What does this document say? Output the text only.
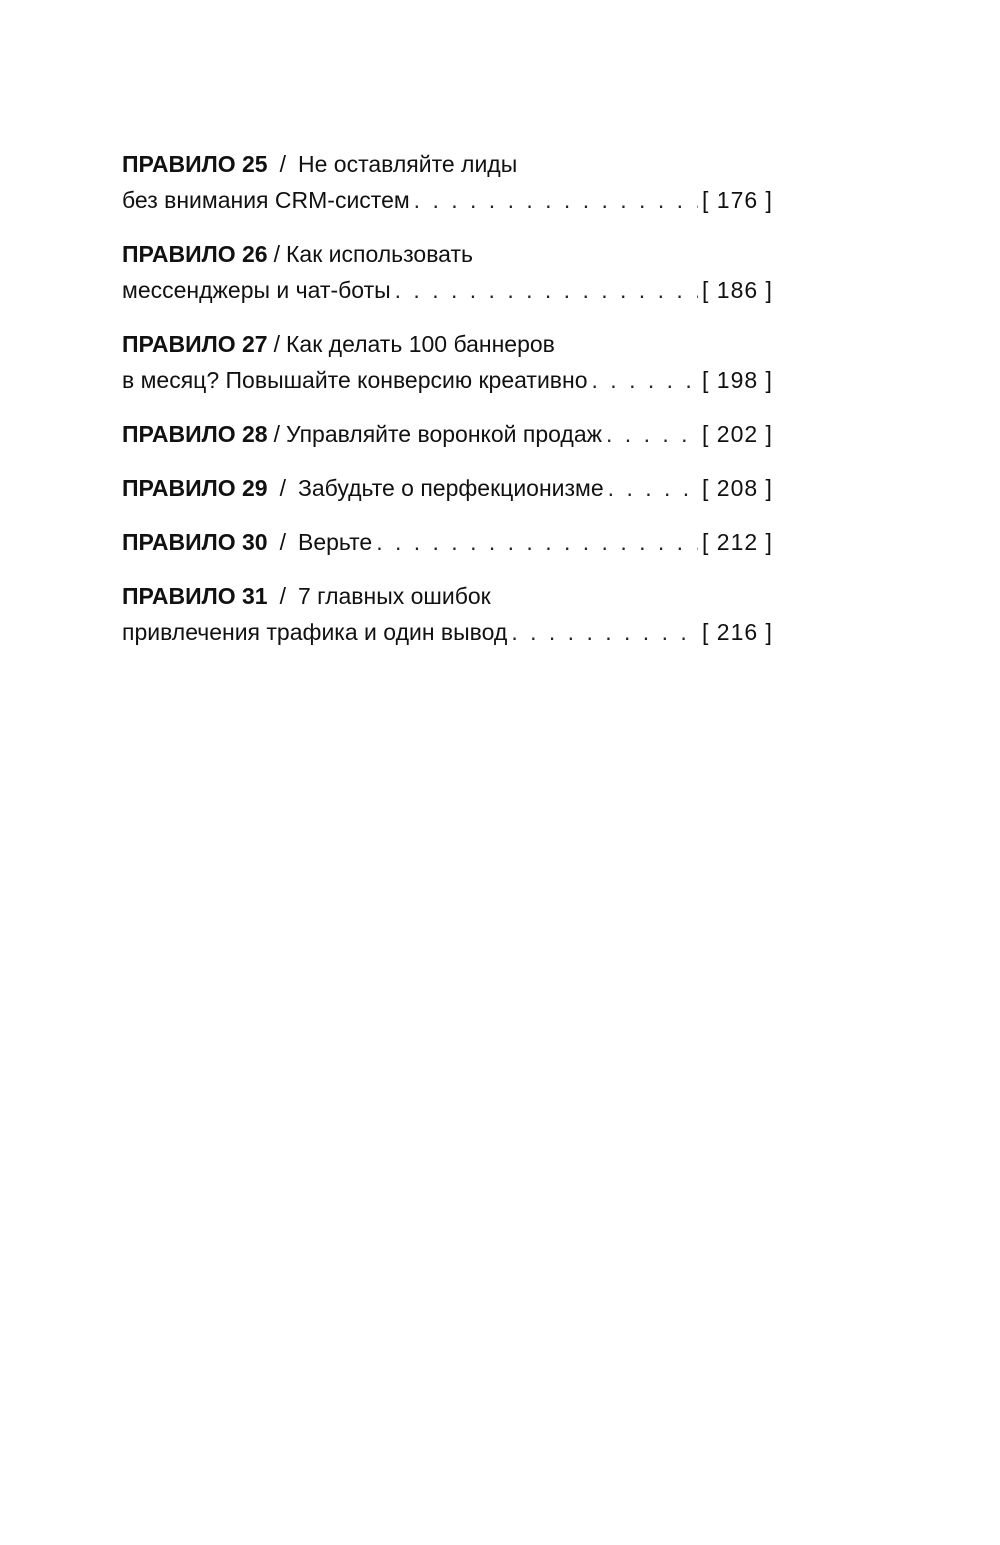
ПРАВИЛО 25 / Не оставляйте лиды
без внимания CRM-систем . . .	[ 176 ]
ПРАВИЛО 26 / Как использовать
мессенджеры и чат-боты . . .	[ 186 ]
ПРАВИЛО 27 / Как делать 100 баннеров
в месяц? Повышайте конверсию креативно . . .	[ 198 ]
ПРАВИЛО 28 / Управляйте воронкой продаж . . .	[ 202 ]
ПРАВИЛО 29 / Забудьте о перфекционизме . . .	[ 208 ]
ПРАВИЛО 30 / Верьте . . .	[ 212 ]
ПРАВИЛО 31 / 7 главных ошибок
привлечения трафика и один вывод . . .	[ 216 ]
